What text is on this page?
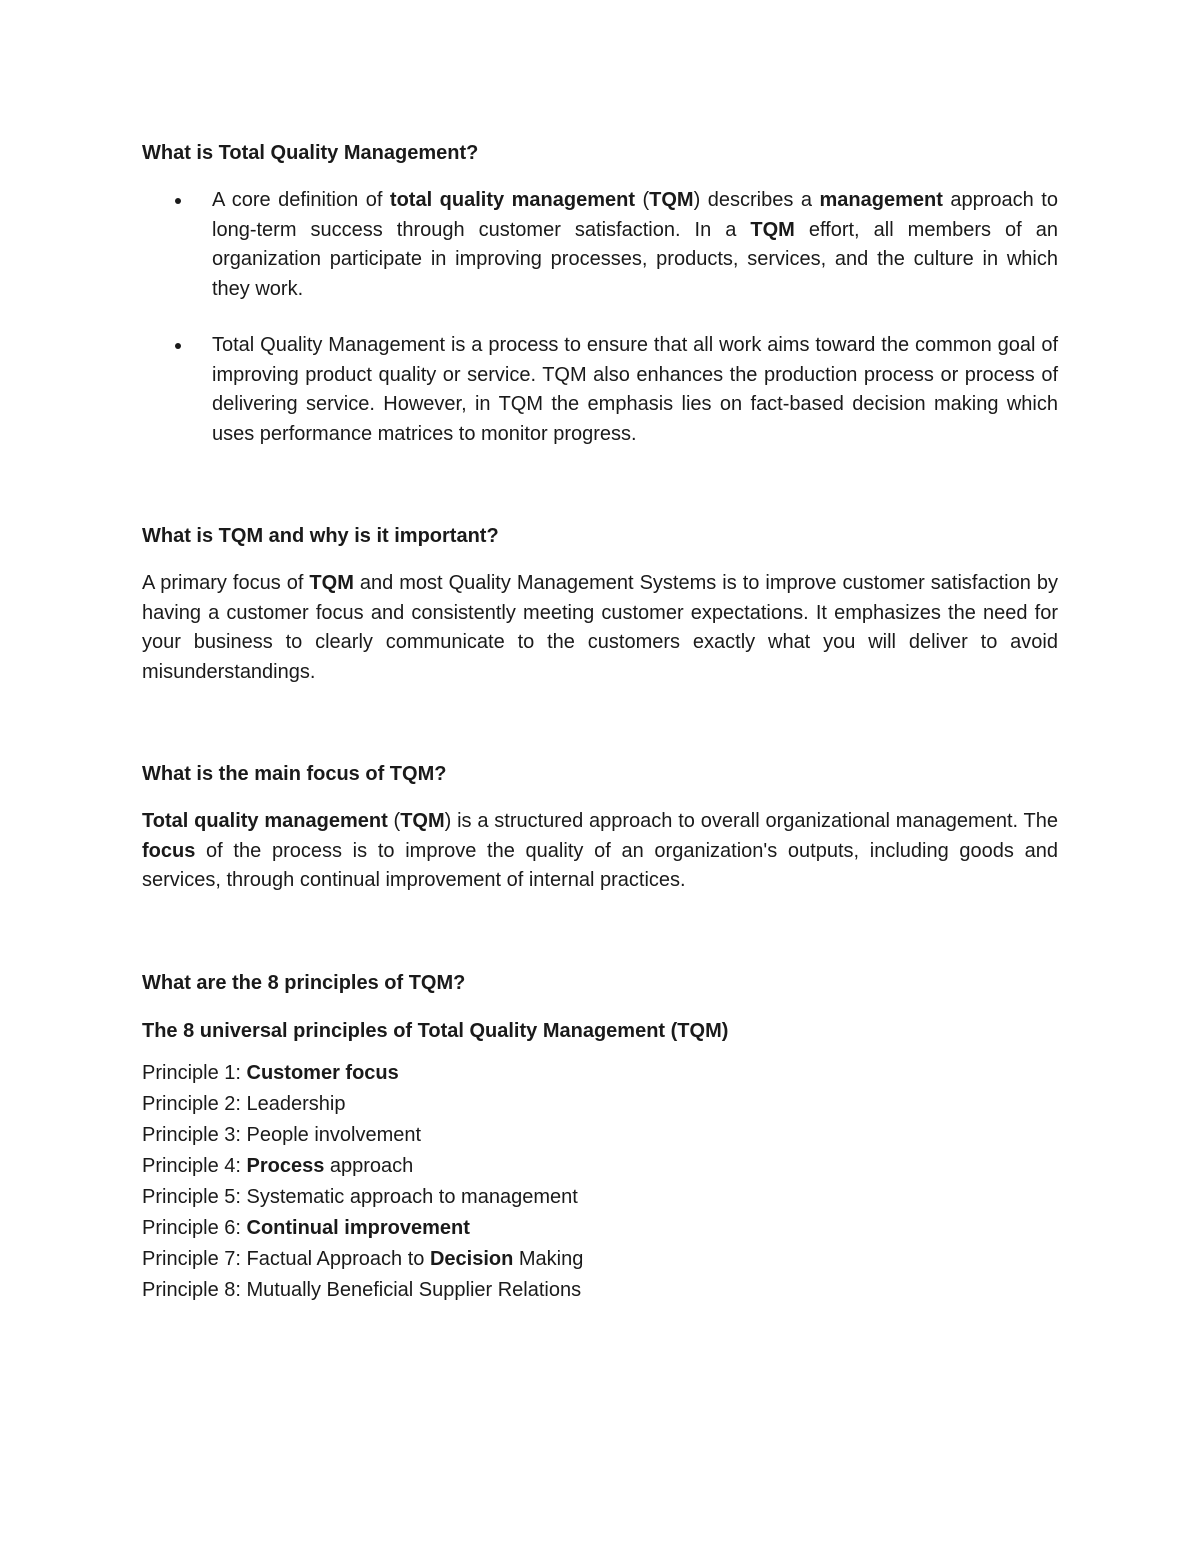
What is Total Quality Management?

A core definition of total quality management (TQM) describes a management approach to long-term success through customer satisfaction. In a TQM effort, all members of an organization participate in improving processes, products, services, and the culture in which they work.

Total Quality Management is a process to ensure that all work aims toward the common goal of improving product quality or service. TQM also enhances the production process or process of delivering service. However, in TQM the emphasis lies on fact-based decision making which uses performance matrices to monitor progress.

What is TQM and why is it important?

A primary focus of TQM and most Quality Management Systems is to improve customer satisfaction by having a customer focus and consistently meeting customer expectations. It emphasizes the need for your business to clearly communicate to the customers exactly what you will deliver to avoid misunderstandings.

What is the main focus of TQM?

Total quality management (TQM) is a structured approach to overall organizational management. The focus of the process is to improve the quality of an organization's outputs, including goods and services, through continual improvement of internal practices.

What are the 8 principles of TQM?
The 8 universal principles of Total Quality Management (TQM)

Principle 1: Customer focus

Principle 2: Leadership

Principle 3: People involvement

Principle 4: Process approach

Principle 5: Systematic approach to management

Principle 6: Continual improvement

Principle 7: Factual Approach to Decision Making

Principle 8: Mutually Beneficial Supplier Relations
